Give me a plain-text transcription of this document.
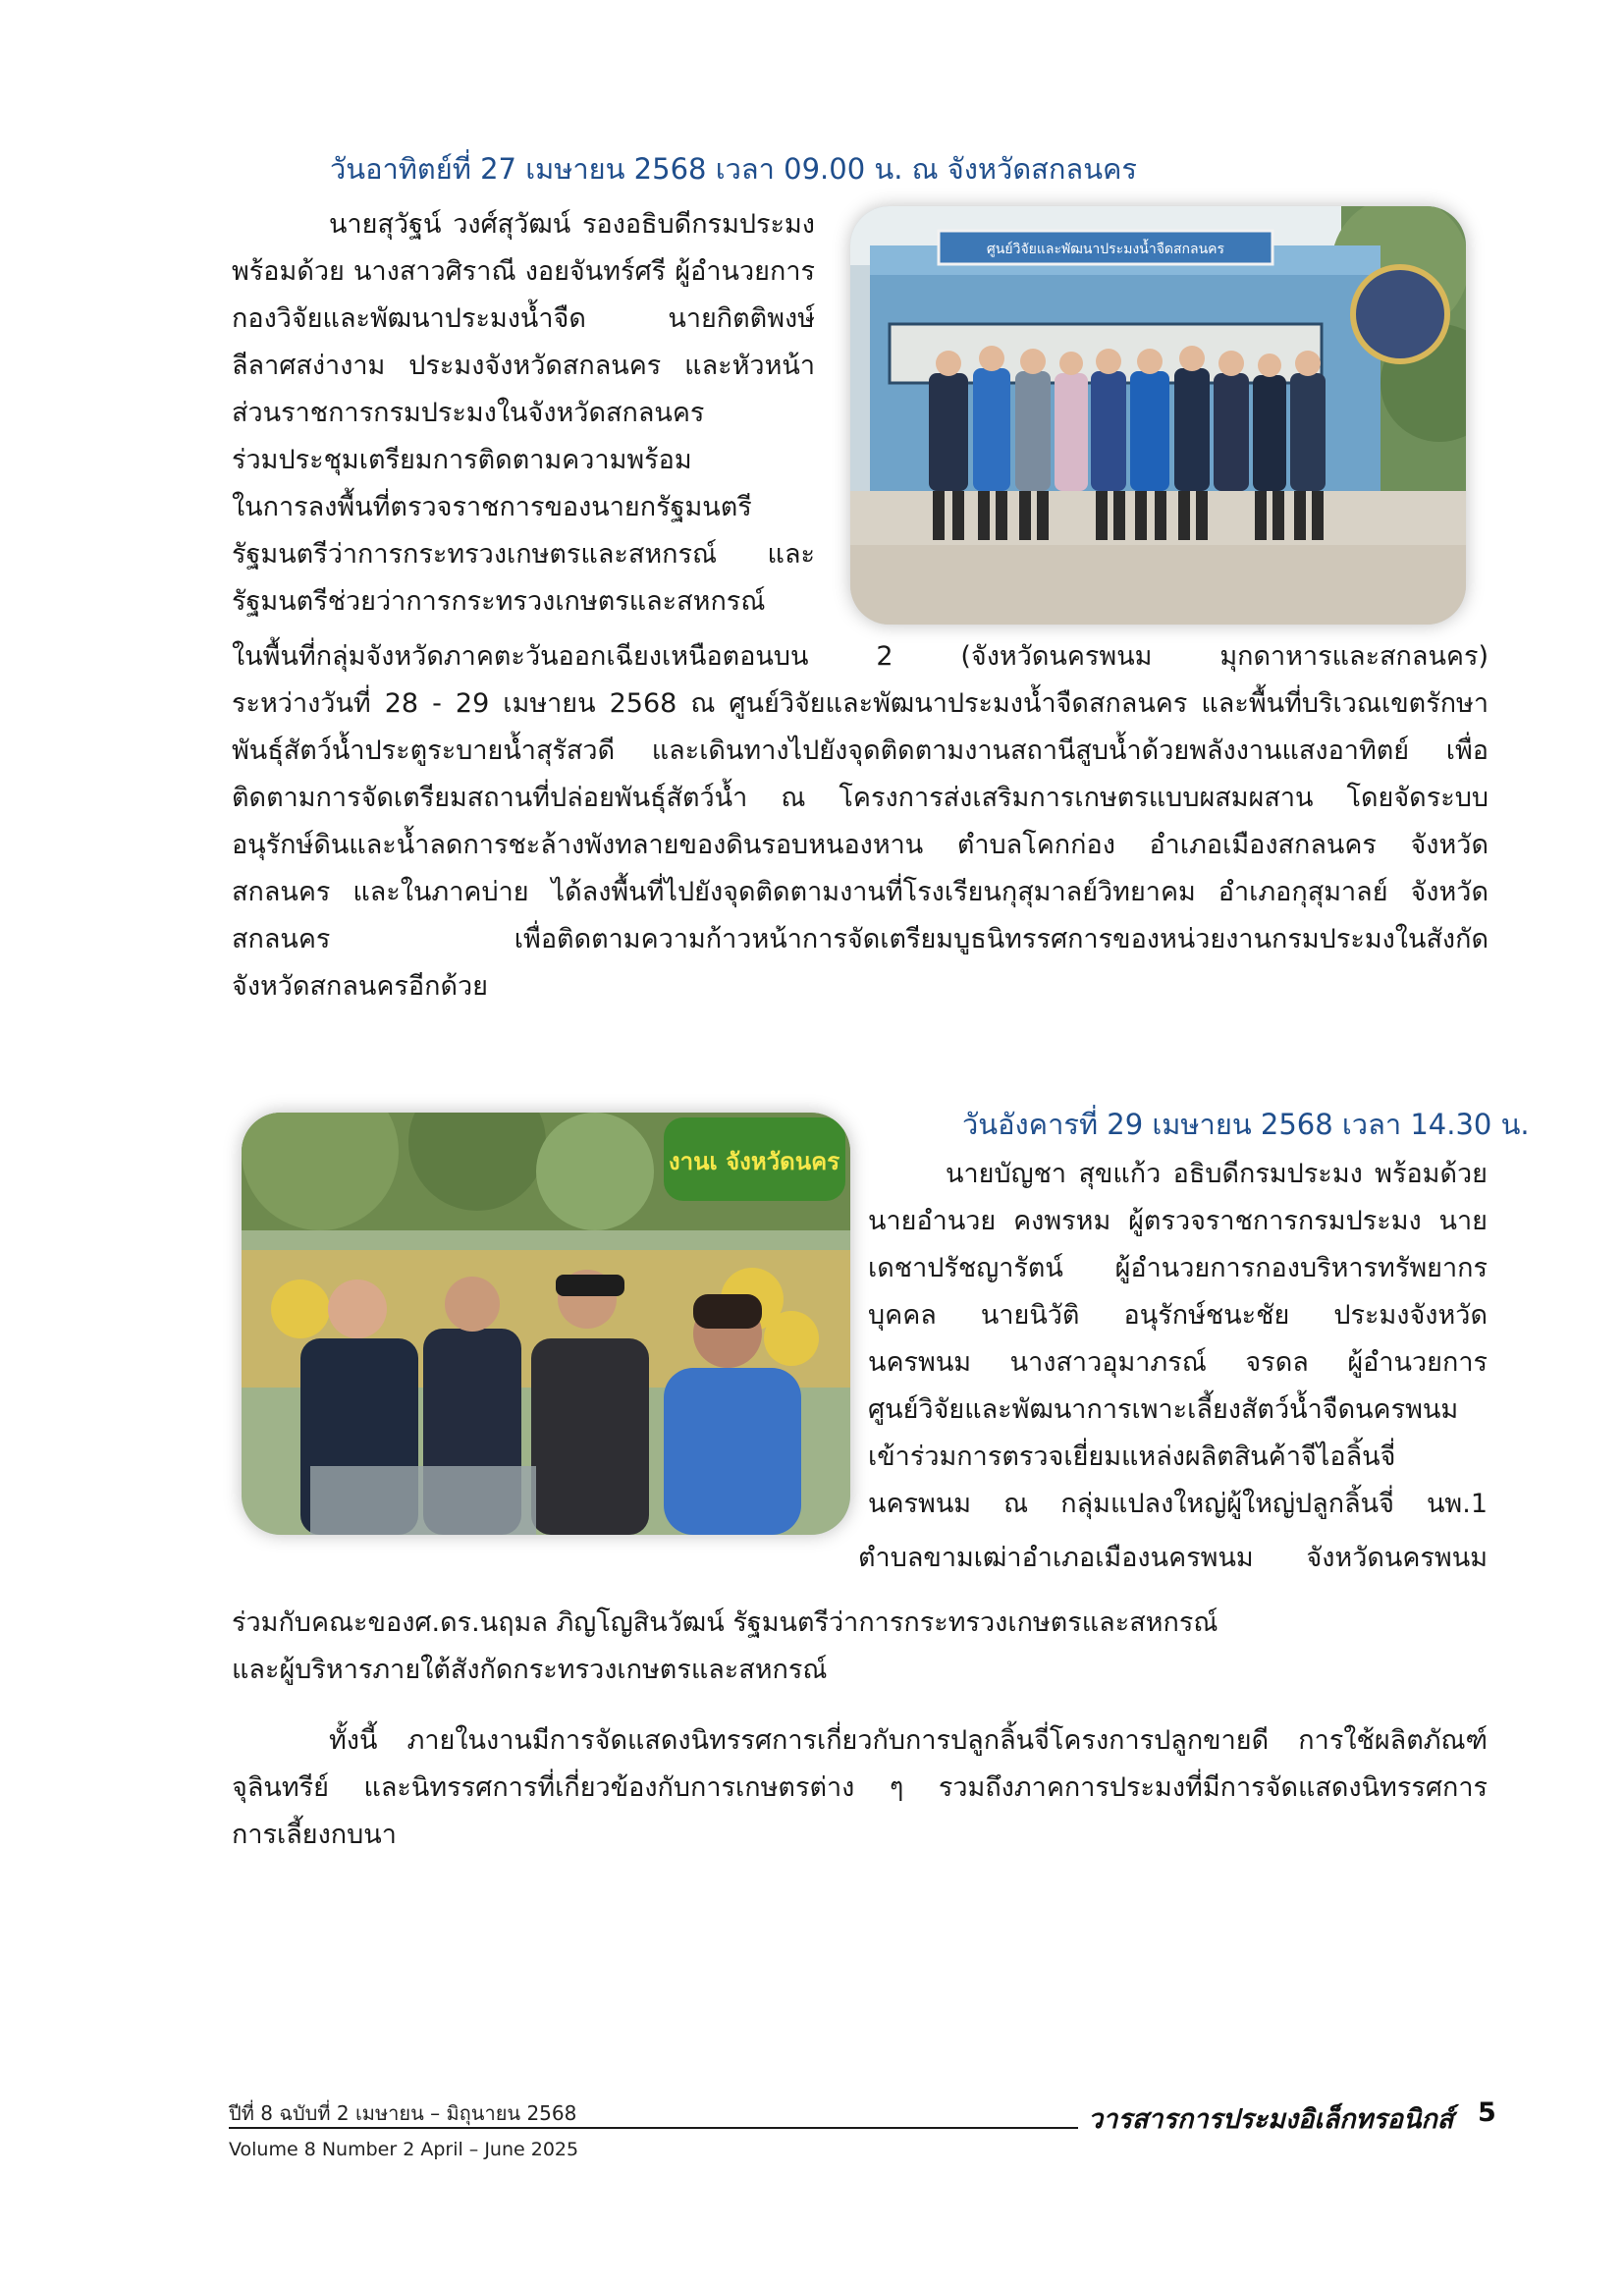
วันอาทิตย์ที่ 27 เมษายน 2568 เวลา 09.00 น. ณ จังหวัดสกลนคร
นายสุวัฐน์ วงศ์สุวัฒน์ รองอธิบดีกรมประมง
พร้อมด้วย นางสาวศิราณี งอยจันทร์ศรี ผู้อำนวยการ
กองวิจัยและพัฒนาประมงน้ำจืด นายกิตติพงษ์
ลีลาศสง่างาม ประมงจังหวัดสกลนคร และหัวหน้า
ส่วนราชการกรมประมงในจังหวัดสกลนคร
ร่วมประชุมเตรียมการติดตามความพร้อม
ในการลงพื้นที่ตรวจราชการของนายกรัฐมนตรี
รัฐมนตรีว่าการกระทรวงเกษตรและสหกรณ์ และ
รัฐมนตรีช่วยว่าการกระทรวงเกษตรและสหกรณ์
ในพื้นที่กลุ่มจังหวัดภาคตะวันออกเฉียงเหนือตอนบน 2 (จังหวัดนครพนม มุกดาหารและสกลนคร)
ระหว่างวันที่ 28 - 29 เมษายน 2568 ณ ศูนย์วิจัยและพัฒนาประมงน้ำจืดสกลนคร และพื้นที่บริเวณเขตรักษา
พันธุ์สัตว์น้ำประตูระบายน้ำสุรัสวดี และเดินทางไปยังจุดติดตามงานสถานีสูบน้ำด้วยพลังงานแสงอาทิตย์ เพื่อ
ติดตามการจัดเตรียมสถานที่ปล่อยพันธุ์สัตว์น้ำ ณ โครงการส่งเสริมการเกษตรแบบผสมผสาน โดยจัดระบบ
อนุรักษ์ดินและน้ำลดการชะล้างพังทลายของดินรอบหนองหาน ตำบลโคกก่อง อำเภอเมืองสกลนคร จังหวัด
สกลนคร และในภาคบ่าย ได้ลงพื้นที่ไปยังจุดติดตามงานที่โรงเรียนกุสุมาลย์วิทยาคม อำเภอกุสุมาลย์ จังหวัด
สกลนคร เพื่อติดตามความก้าวหน้าการจัดเตรียมบูธนิทรรศการของหน่วยงานกรมประมงในสังกัด
จังหวัดสกลนครอีกด้วย
ศูนย์วิจัยและพัฒนาประมงน้ำจืดสกลนคร
วันอังคารที่ 29 เมษายน 2568 เวลา 14.30 น.
งานเ จังหวัดนคร	นายบัญชา สุขแก้ว อธิบดีกรมประมง พร้อมด้วย
นายอำนวย คงพรหม ผู้ตรวจราชการกรมประมง นาย
เดชาปรัชญารัตน์ ผู้อำนวยการกองบริหารทรัพยากร
บุคคล นายนิวัติ อนุรักษ์ชนะชัย ประมงจังหวัด
นครพนม นางสาวอุมาภรณ์ จรดล ผู้อำนวยการ
ศูนย์วิจัยและพัฒนาการเพาะเลี้ยงสัตว์น้ำจืดนครพนม
เข้าร่วมการตรวจเยี่ยมแหล่งผลิตสินค้าจีไอลิ้นจี่
นครพนม ณ กลุ่มแปลงใหญ่ผู้ใหญ่ปลูกลิ้นจี่ นพ.1
ตำบลขามเฒ่าอำเภอเมืองนครพนม จังหวัดนครพนม
ร่วมกับคณะของศ.ดร.นฤมล ภิญโญสินวัฒน์ รัฐมนตรีว่าการกระทรวงเกษตรและสหกรณ์
และผู้บริหารภายใต้สังกัดกระทรวงเกษตรและสหกรณ์
ทั้งนี้ ภายในงานมีการจัดแสดงนิทรรศการเกี่ยวกับการปลูกลิ้นจี่โครงการปลูกขายดี การใช้ผลิตภัณฑ์
จุลินทรีย์ และนิทรรศการที่เกี่ยวข้องกับการเกษตรต่าง ๆ รวมถึงภาคการประมงที่มีการจัดแสดงนิทรรศการ
การเลี้ยงกบนา
ปีที่ 8 ฉบับที่ 2 เมษายน – มิถุนายน 2568	วารสารการประมงอิเล็กทรอนิกส์ 5
Volume 8 Number 2 April – June 2025
